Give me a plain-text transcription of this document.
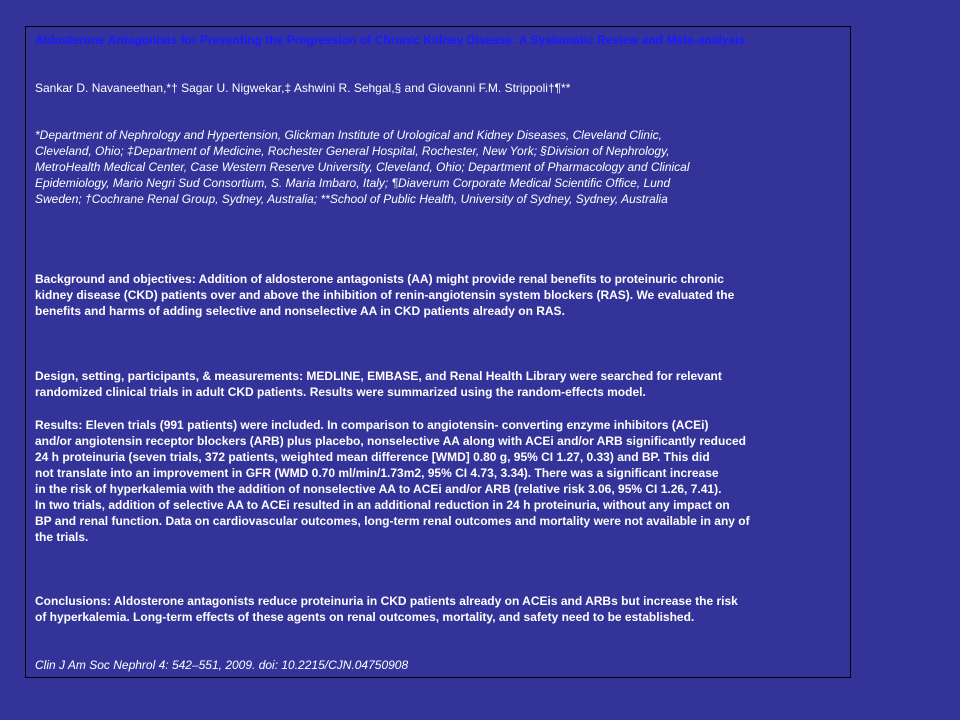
Aldosterone Antagonists for Preventing the Progression of Chronic Kidney Disease: A Systematic Review and Meta-analysis

Sankar D. Navaneethan,*† Sagar U. Nigwekar,‡ Ashwini R. Sehgal,§ and Giovanni F.M. Strippoli†¶**

*Department of Nephrology and Hypertension, Glickman Institute of Urological and Kidney Diseases, Cleveland Clinic,
Cleveland, Ohio; ‡Department of Medicine, Rochester General Hospital, Rochester, New York; §Division of Nephrology,
MetroHealth Medical Center, Case Western Reserve University, Cleveland, Ohio; Department of Pharmacology and Clinical
Epidemiology, Mario Negri Sud Consortium, S. Maria Imbaro, Italy; ¶Diaverum Corporate Medical Scientific Office, Lund
Sweden; †Cochrane Renal Group, Sydney, Australia; **School of Public Health, University of Sydney, Sydney, Australia

Background and objectives: Addition of aldosterone antagonists (AA) might provide renal benefits to proteinuric chronic
kidney disease (CKD) patients over and above the inhibition of renin-angiotensin system blockers (RAS). We evaluated the
benefits and harms of adding selective and nonselective AA in CKD patients already on RAS.

Design, setting, participants, & measurements: MEDLINE, EMBASE, and Renal Health Library were searched for relevant
randomized clinical trials in adult CKD patients. Results were summarized using the random-effects model.

Results: Eleven trials (991 patients) were included. In comparison to angiotensin- converting enzyme inhibitors (ACEi)
and/or angiotensin receptor blockers (ARB) plus placebo, nonselective AA along with ACEi and/or ARB significantly reduced
24 h proteinuria (seven trials, 372 patients, weighted mean difference [WMD] 0.80 g, 95% CI 1.27, 0.33) and BP. This did
not translate into an improvement in GFR (WMD 0.70 ml/min/1.73m2, 95% CI 4.73, 3.34). There was a significant increase
in the risk of hyperkalemia with the addition of nonselective AA to ACEi and/or ARB (relative risk 3.06, 95% CI 1.26, 7.41).
In two trials, addition of selective AA to ACEi resulted in an additional reduction in 24 h proteinuria, without any impact on
BP and renal function. Data on cardiovascular outcomes, long-term renal outcomes and mortality were not available in any of
the trials.

Conclusions: Aldosterone antagonists reduce proteinuria in CKD patients already on ACEis and ARBs but increase the risk
of hyperkalemia. Long-term effects of these agents on renal outcomes, mortality, and safety need to be established.

Clin J Am Soc Nephrol 4: 542–551, 2009. doi: 10.2215/CJN.04750908
